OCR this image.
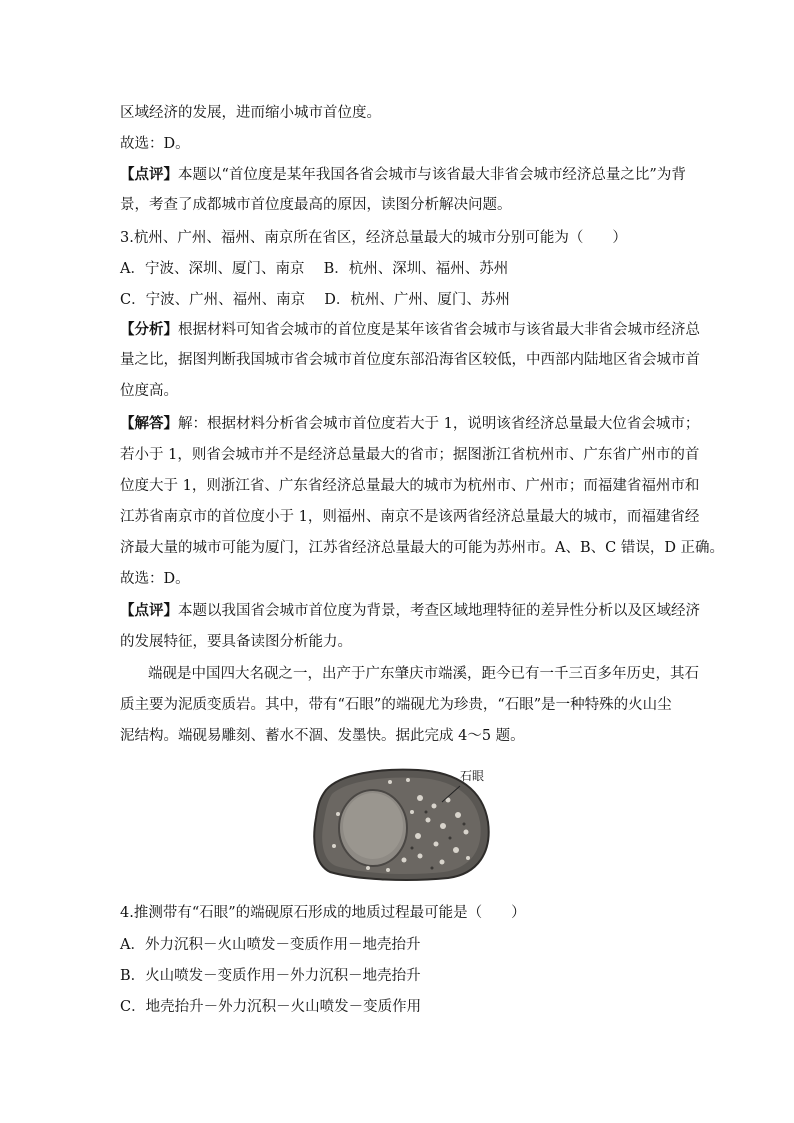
区域经济的发展，进而缩小城市首位度。
故选：D。
【点评】本题以“首位度是某年我国各省会城市与该省最大非省会城市经济总量之比”为背
景，考查了成都城市首位度最高的原因，读图分析解决问题。
3.杭州、广州、福州、南京所在省区，经济总量最大的城市分别可能为（　　）
A．宁波、深圳、厦门、南京　 B．杭州、深圳、福州、苏州
C．宁波、广州、福州、南京　 D．杭州、广州、厦门、苏州
【分析】根据材料可知省会城市的首位度是某年该省省会城市与该省最大非省会城市经济总
量之比，据图判断我国城市省会城市首位度东部沿海省区较低，中西部内陆地区省会城市首
位度高。
【解答】解：根据材料分析省会城市首位度若大于 1，说明该省经济总量最大位省会城市；
若小于 1，则省会城市并不是经济总量最大的省市；据图浙江省杭州市、广东省广州市的首
位度大于 1，则浙江省、广东省经济总量最大的城市为杭州市、广州市；而福建省福州市和
江苏省南京市的首位度小于 1，则福州、南京不是该两省经济总量最大的城市，而福建省经
济最大量的城市可能为厦门，江苏省经济总量最大的可能为苏州市。A、B、C 错误，D 正确。
故选：D。
【点评】本题以我国省会城市首位度为背景，考查区域地理特征的差异性分析以及区域经济
的发展特征，要具备读图分析能力。
端砚是中国四大名砚之一，出产于广东肇庆市端溪，距今已有一千三百多年历史，其石
质主要为泥质变质岩。其中，带有“石眼”的端砚尤为珍贵，“石眼”是一种特殊的火山尘
泥结构。端砚易雕刻、蓄水不涸、发墨快。据此完成 4～5 题。
石眼
4.推测带有“石眼”的端砚原石形成的地质过程最可能是（　　）
A．外力沉积－火山喷发－变质作用－地壳抬升
B．火山喷发－变质作用－外力沉积－地壳抬升
C．地壳抬升－外力沉积－火山喷发－变质作用
